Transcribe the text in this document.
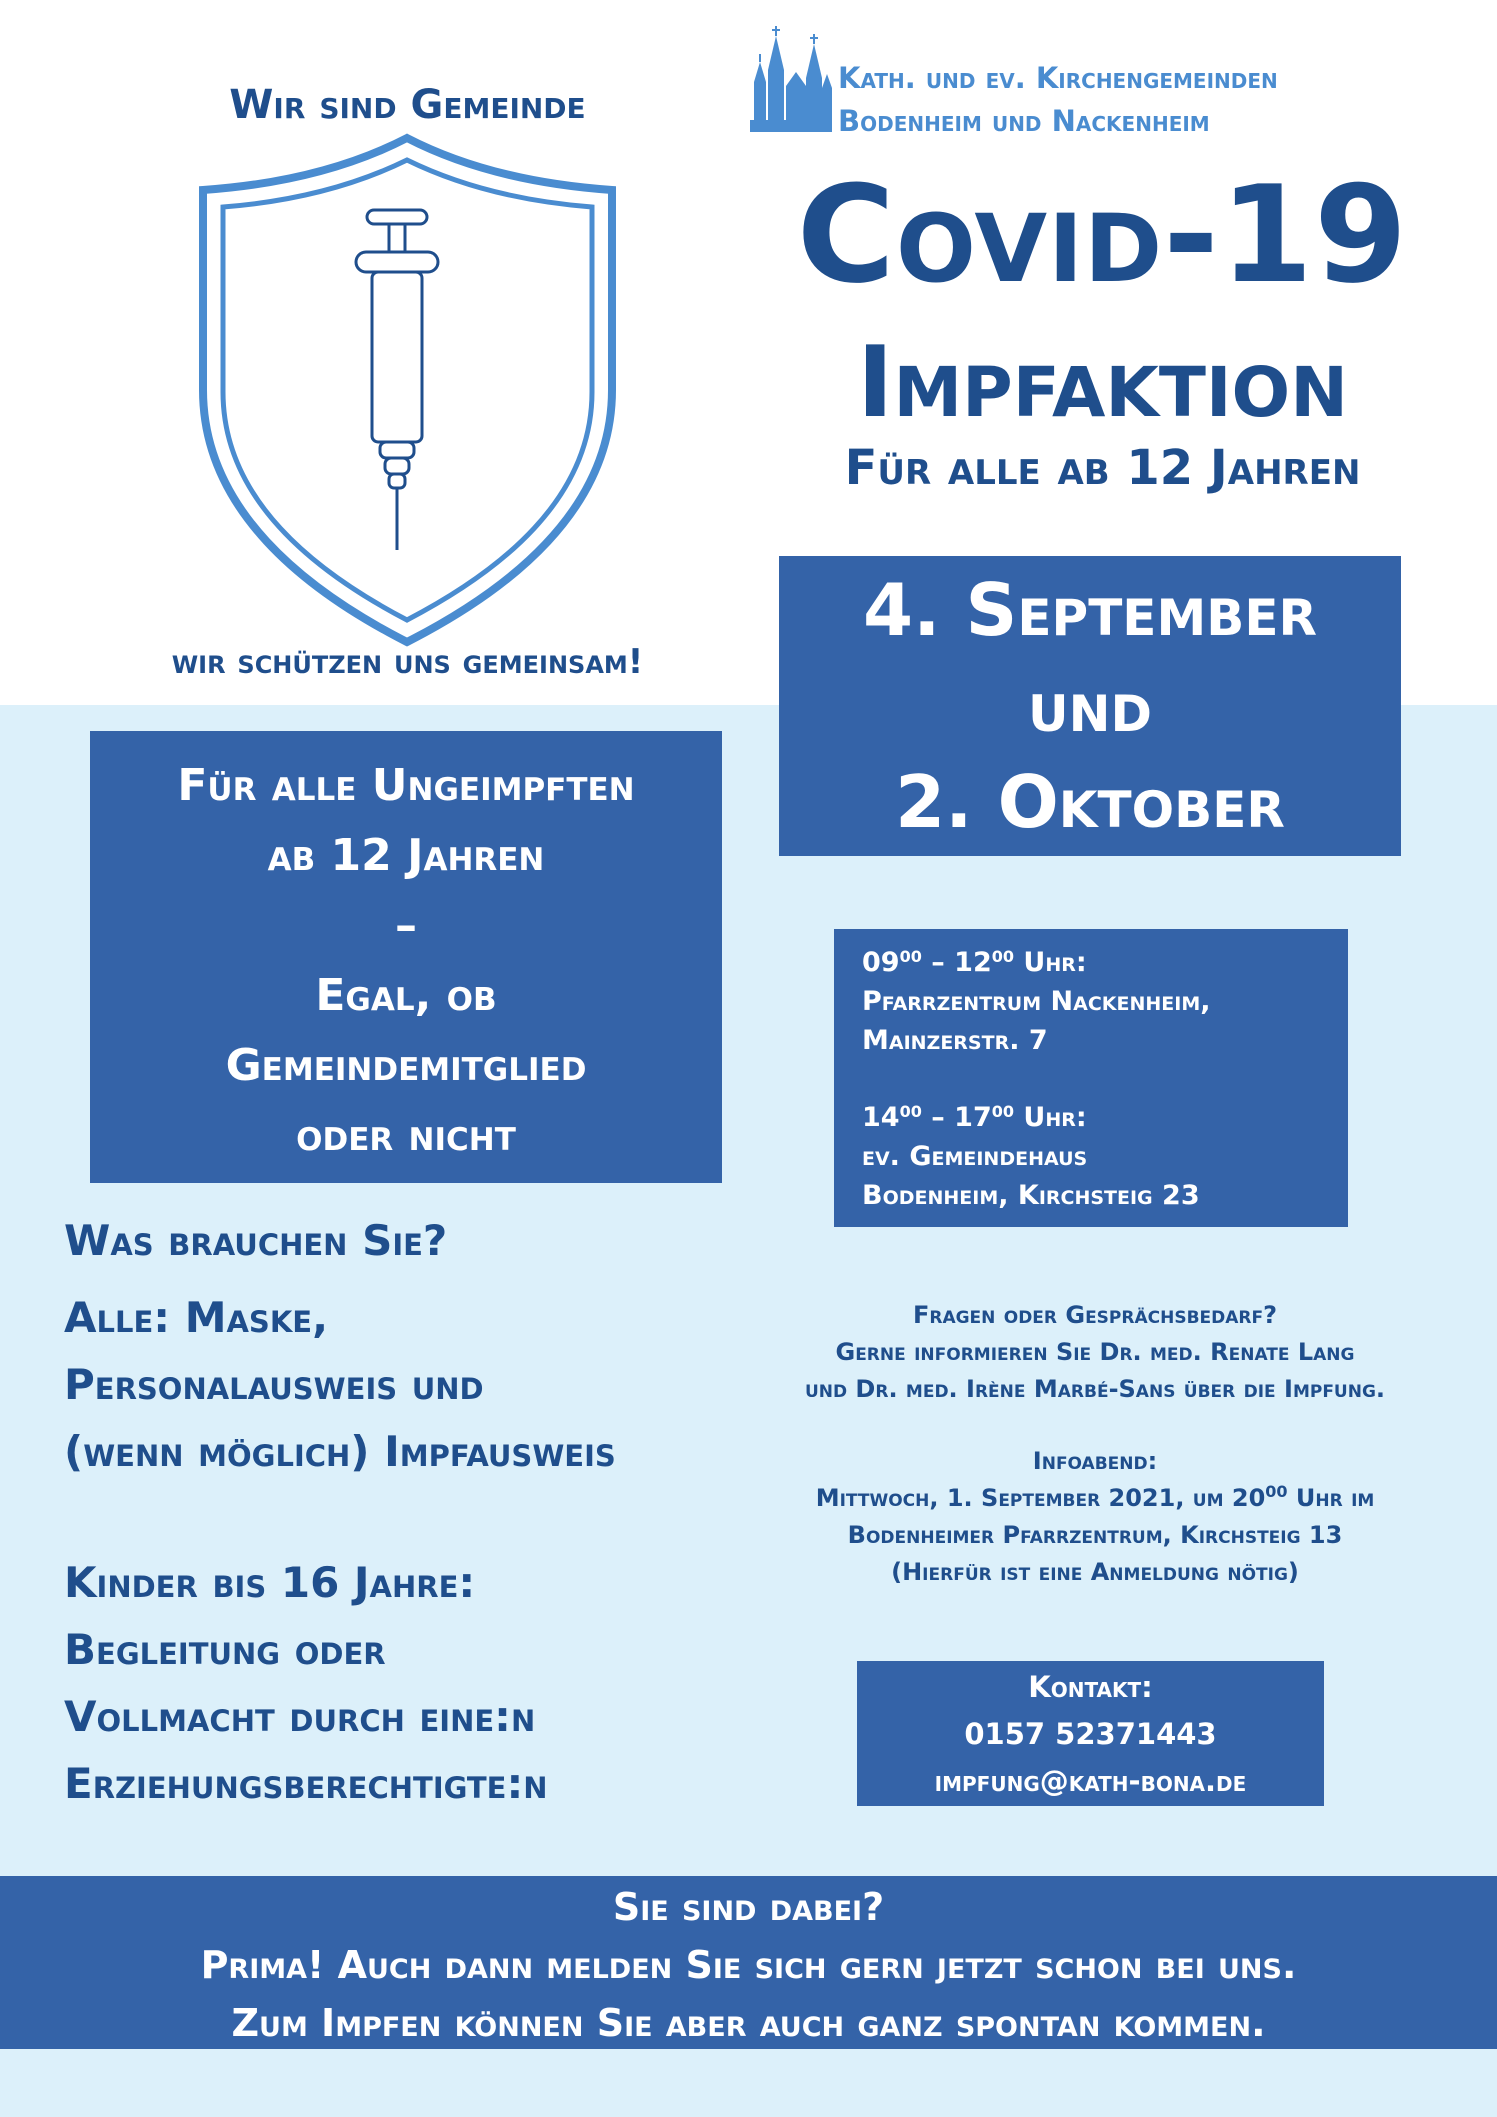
Wir sind Gemeinde
wir schützen uns gemeinsam!
Kath. und ev. Kirchengemeinden
Bodenheim und Nackenheim
Covid-19
Impfaktion
Für alle ab 12 Jahren
4. September
und
2. Oktober
Für alle Ungeimpften
ab 12 Jahren
–
Egal, ob
Gemeindemitglied
oder nicht
$09^{00} - 12^{00}$ Uhr:
Pfarrzentrum Nackenheim,
Mainzerstr. 7
$14^{00} - 17^{00}$ Uhr:
ev. Gemeindehaus
Bodenheim, Kirchsteig 23
Was brauchen Sie?
Alle: Maske,
Personalausweis und
(wenn möglich) Impfausweis
Kinder bis 16 Jahre:
Begleitung oder
Vollmacht durch eine:n
Erziehungsberechtigte:n
Fragen oder Gesprächsbedarf?
Gerne informieren Sie Dr. med. Renate Lang
und Dr. med. Irène Marbé-Sans über die Impfung.
Infoabend:
Mittwoch, 1. September 2021, um $20^{00}$ Uhr im
Bodenheimer Pfarrzentrum, Kirchsteig 13
(Hierfür ist eine Anmeldung nötig)
Kontakt:
0157 52371443
impfung@kath-bona.de
Sie sind dabei?
Prima! Auch dann melden Sie sich gern jetzt schon bei uns.
Zum Impfen können Sie aber auch ganz spontan kommen.
